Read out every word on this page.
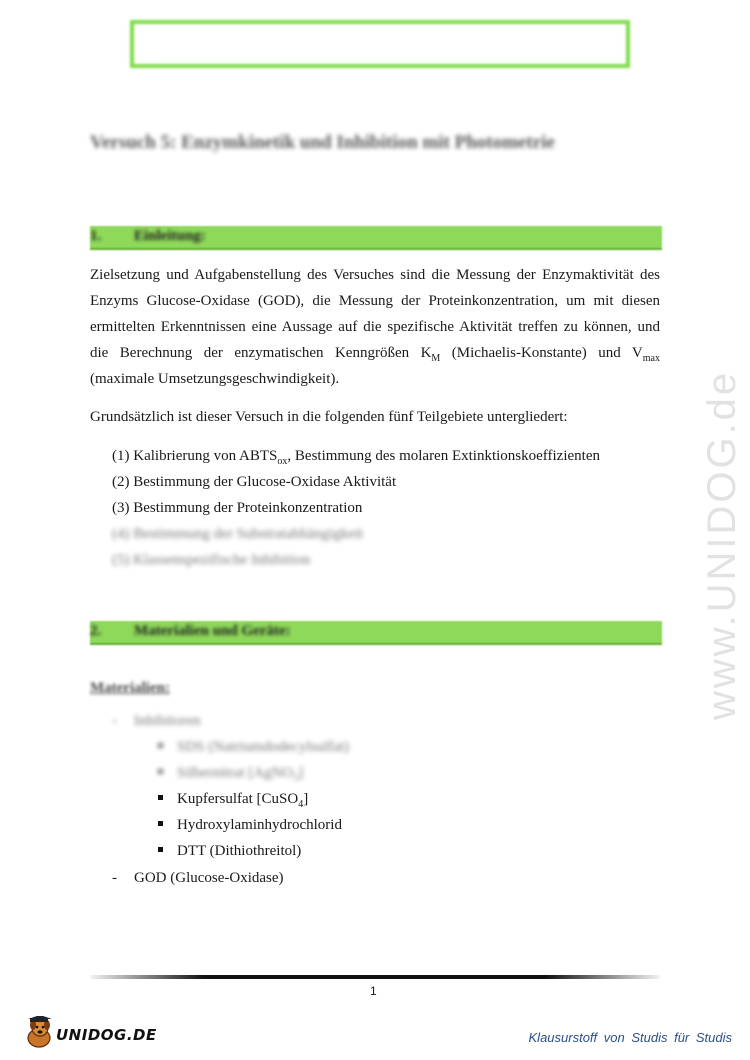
Versuch 5: Enzymkinetik und Inhibition mit Photometrie
1. Einleitung:
Zielsetzung und Aufgabenstellung des Versuches sind die Messung der Enzymaktivität des
Enzyms Glucose-Oxidase (GOD), die Messung der Proteinkonzentration, um mit diesen
ermittelten Erkenntnissen eine Aussage auf die spezifische Aktivität treffen zu können, und
die Berechnung der enzymatischen Kenngrößen $K_M$ (Michaelis-Konstante) und $V_{max}$
(maximale Umsetzungsgeschwindigkeit).
Grundsätzlich ist dieser Versuch in die folgenden fünf Teilgebiete untergliedert:
(1) Kalibrierung von $ABTS_{ox}$, Bestimmung des molaren Extinktionskoeffizienten
(2) Bestimmung der Glucose-Oxidase Aktivität
(3) Bestimmung der Proteinkonzentration
(4) Bestimmung der Substratabhängigkeit
(5) Klassenspezifische Inhibition
2. Materialien und Geräte:
Materialien:
- Inhibitoren
SDS (Natriumdodecylsulfat)
Silbernitrat [AgNO$_3$]
Kupfersulfat [CuSO$_4$]
Hydroxylaminhydrochlorid
DTT (Dithiothreitol)
- GOD (Glucose-Oxidase)
www.UNIDOG.de
1
UNIDOG.DE	Klausurstoff von Studis für Studis
